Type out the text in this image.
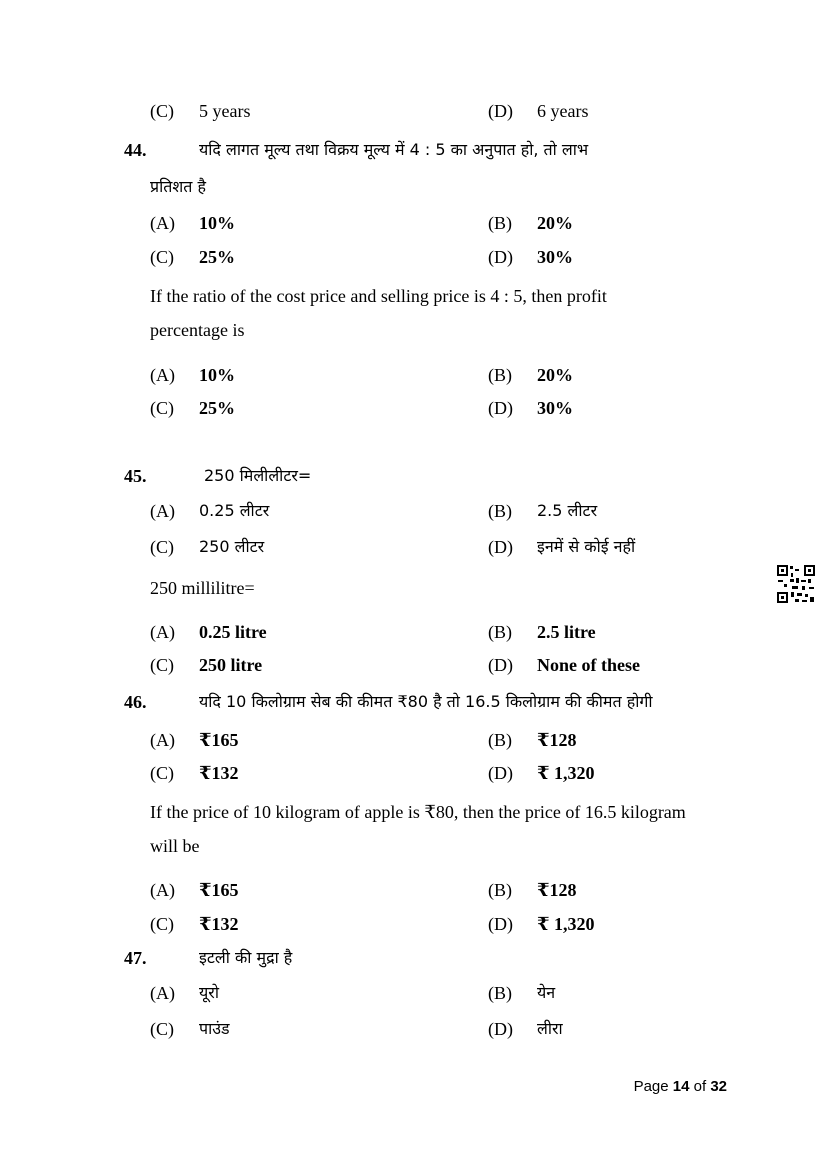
(C) 5 years	(D) 6 years
44.	यदि लागत मूल्य तथा विक्रय मूल्य में 4 : 5 का अनुपात हो, तो लाभ
प्रतिशत है
(A) 10%	(B) 20%
(C) 25%	(D) 30%
If the ratio of the cost price and selling price is 4 : 5, then profit
percentage is
(A) 10%	(B) 20%
(C) 25%	(D) 30%
45.	250 मिलीलीटर=
(A) 0.25 लीटर	(B) 2.5 लीटर
(C) 250 लीटर	(D) इनमें से कोई नहीं
250 millilitre=
(A) 0.25 litre	(B) 2.5 litre
(C) 250 litre	(D) None of these
46.	यदि 10 किलोग्राम सेब की कीमत ₹80 है तो 16.5 किलोग्राम की कीमत होगी
(A) ₹165	(B) ₹128
(C) ₹132	(D) ₹ 1,320
If the price of 10 kilogram of apple is ₹80, then the price of 16.5 kilogram
will be
(A) ₹165	(B) ₹128
(C) ₹132	(D) ₹ 1,320
47.	इटली की मुद्रा है
(A) यूरो	(B) येन
(C) पाउंड	(D) लीरा
Page 14 of 32
